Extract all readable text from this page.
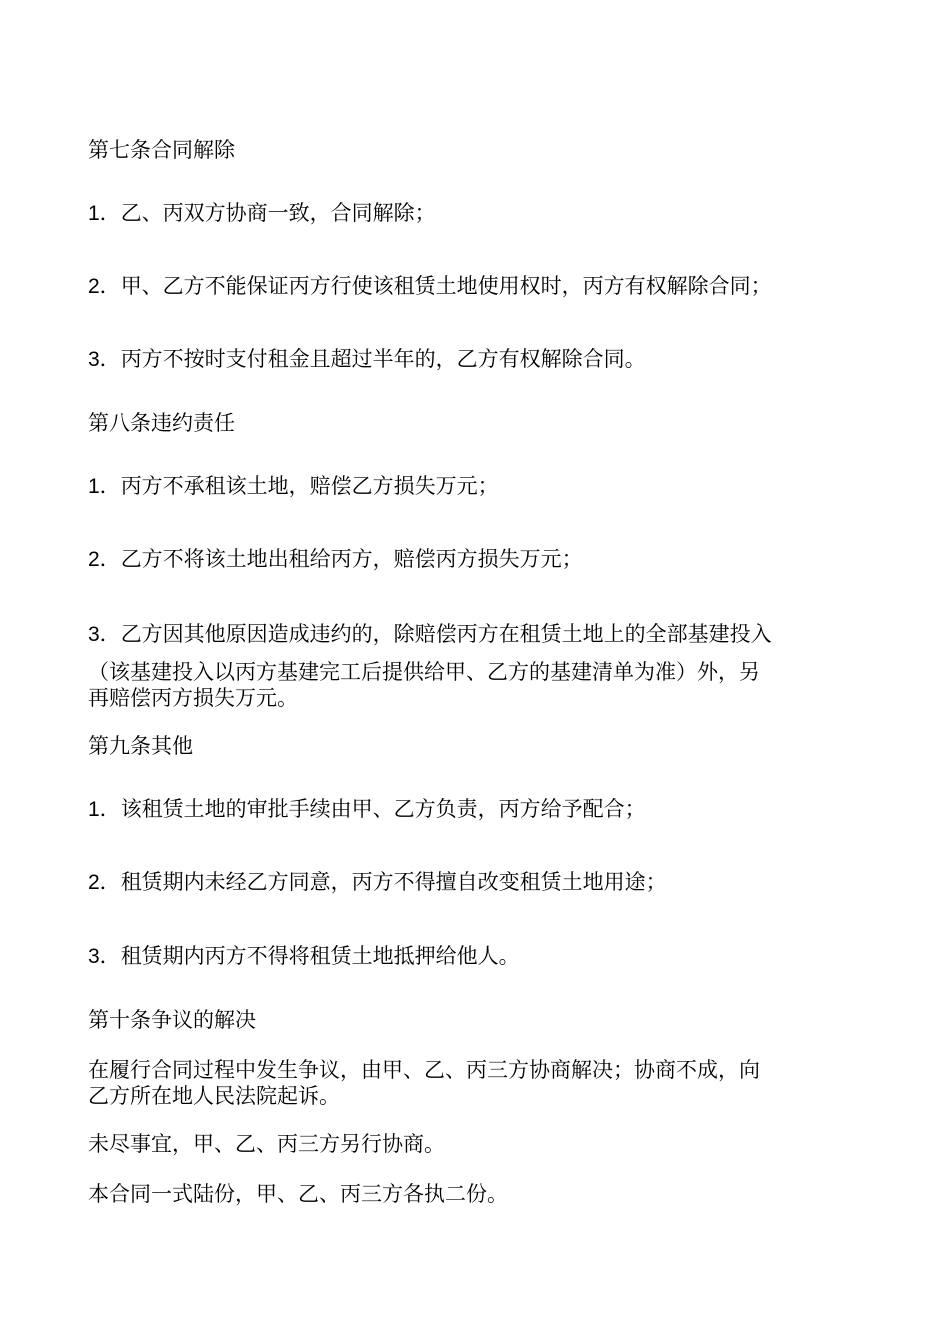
第七条合同解除
1．乙、丙双方协商一致，合同解除；
2．甲、乙方不能保证丙方行使该租赁土地使用权时，丙方有权解除合同；
3．丙方不按时支付租金且超过半年的，乙方有权解除合同。
第八条违约责任
1．丙方不承租该土地，赔偿乙方损失万元；
2．乙方不将该土地出租给丙方，赔偿丙方损失万元；
3．乙方因其他原因造成违约的，除赔偿丙方在租赁土地上的全部基建投入
（该基建投入以丙方基建完工后提供给甲、乙方的基建清单为准）外，另
再赔偿丙方损失万元。
第九条其他
1．该租赁土地的审批手续由甲、乙方负责，丙方给予配合；
2．租赁期内未经乙方同意，丙方不得擅自改变租赁土地用途；
3．租赁期内丙方不得将租赁土地抵押给他人。
第十条争议的解决
在履行合同过程中发生争议，由甲、乙、丙三方协商解决；协商不成，向
乙方所在地人民法院起诉。
未尽事宜，甲、乙、丙三方另行协商。
本合同一式陆份，甲、乙、丙三方各执二份。
